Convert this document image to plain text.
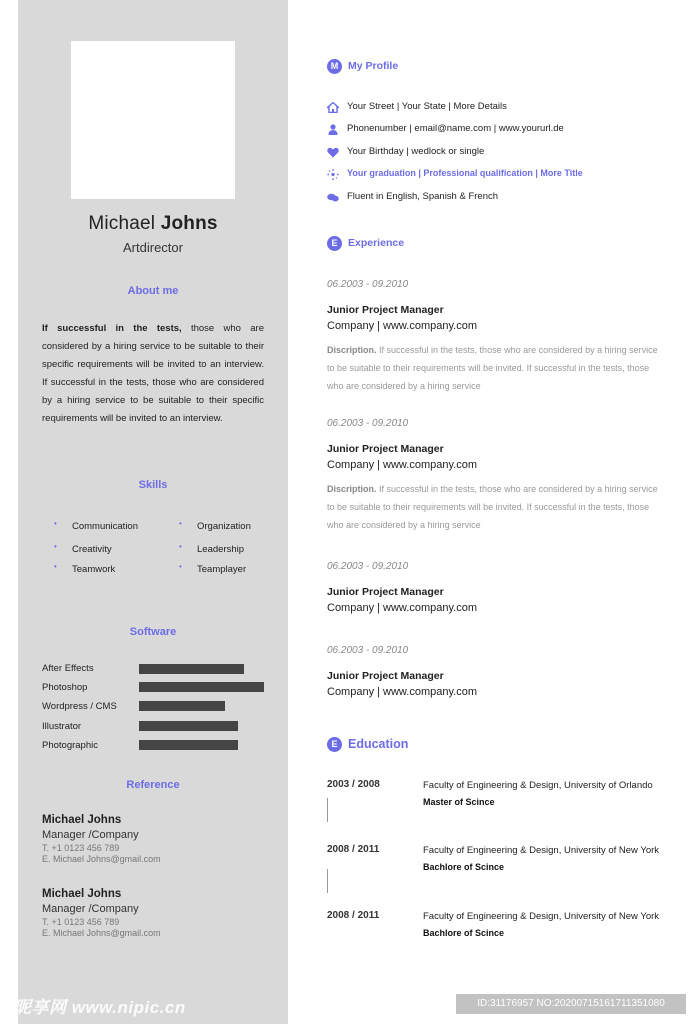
Michael Johns
Artdirector
About me
If successful in the tests, those who are considered by a hiring service to be suitable to their specific requirements will be invited to an interview. If successful in the tests, those who are considered by a hiring service to be suitable to their specific requirements will be invited to an interview.
Skills
• Communication	• Organization
• Creativity	• Leadership
• Teamwork	• Teamplayer
Software
After Effects
Photoshop
Wordpress / CMS
Illustrator
Photographic
Reference
Michael Johns
Manager /Company
T. +1 0123 456 789
E. Michael Johns@gmail.com
Michael Johns
Manager /Company
T. +1 0123 456 789
E. Michael Johns@gmail.com
M My Profile
Your Street | Your State | More Details
Phonenumber | email@name.com | www.yoururl.de
Your Birthday | wedlock or single
Your graduation | Professional qualification | More Title
Fluent in English, Spanish & French
E	Experience
06.2003 - 09.2010
Junior Project Manager
Company | www.company.com
Discription. If successful in the tests, those who are considered by a hiring service to be suitable to their requirements will be invited. If successful in the tests, those who are considered by a hiring service
06.2003 - 09.2010
Junior Project Manager
Company | www.company.com
Discription. If successful in the tests, those who are considered by a hiring service to be suitable to their requirements will be invited. If successful in the tests, those who are considered by a hiring service
06.2003 - 09.2010
Junior Project Manager
Company | www.company.com
06.2003 - 09.2010
Junior Project Manager
Company | www.company.com
E Education
2003 / 2008	Faculty of Engineering & Design, University of Orlando
Master of Scince
2008 / 2011	Faculty of Engineering & Design, University of New York
Bachlore of Scince
2008 / 2011	Faculty of Engineering & Design, University of New York
Bachlore of Scince
昵享网 www.nipic.cn	ID:31176957 NO:20200715161711351080
